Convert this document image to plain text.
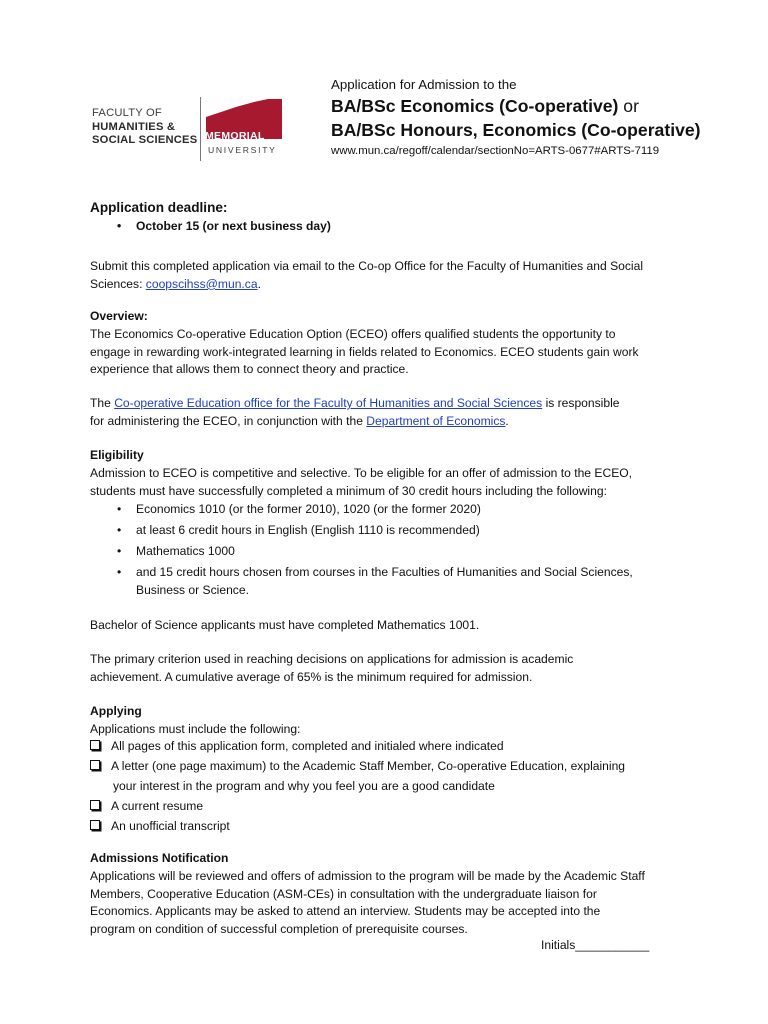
FACULTY OF
HUMANITIES &
SOCIAL SCIENCES MEMORIAL
UNIVERSITY
Application for Admission to the
BA/BSc Economics (Co-operative) or
BA/BSc Honours, Economics (Co-operative)
www.mun.ca/regoff/calendar/sectionNo=ARTS-0677#ARTS-7119
Application deadline:
• October 15 (or next business day)
Submit this completed application via email to the Co-op Office for the Faculty of Humanities and Social
Sciences: coopscihss@mun.ca.
Overview:
The Economics Co-operative Education Option (ECEO) offers qualified students the opportunity to
engage in rewarding work-integrated learning in fields related to Economics. ECEO students gain work
experience that allows them to connect theory and practice.
The Co-operative Education office for the Faculty of Humanities and Social Sciences is responsible
for administering the ECEO, in conjunction with the Department of Economics.
Eligibility
Admission to ECEO is competitive and selective. To be eligible for an offer of admission to the ECEO,
students must have successfully completed a minimum of 30 credit hours including the following:
• Economics 1010 (or the former 2010), 1020 (or the former 2020)
• at least 6 credit hours in English (English 1110 is recommended)
• Mathematics 1000
• and 15 credit hours chosen from courses in the Faculties of Humanities and Social Sciences,
Business or Science.
Bachelor of Science applicants must have completed Mathematics 1001.
The primary criterion used in reaching decisions on applications for admission is academic
achievement. A cumulative average of 65% is the minimum required for admission.
Applying
Applications must include the following:
All pages of this application form, completed and initialed where indicated
A letter (one page maximum) to the Academic Staff Member, Co-operative Education, explaining
your interest in the program and why you feel you are a good candidate
A current resume
An unofficial transcript
Admissions Notification
Applications will be reviewed and offers of admission to the program will be made by the Academic Staff
Members, Cooperative Education (ASM-CEs) in consultation with the undergraduate liaison for
Economics. Applicants may be asked to attend an interview. Students may be accepted into the
program on condition of successful completion of prerequisite courses.
Initials___________
